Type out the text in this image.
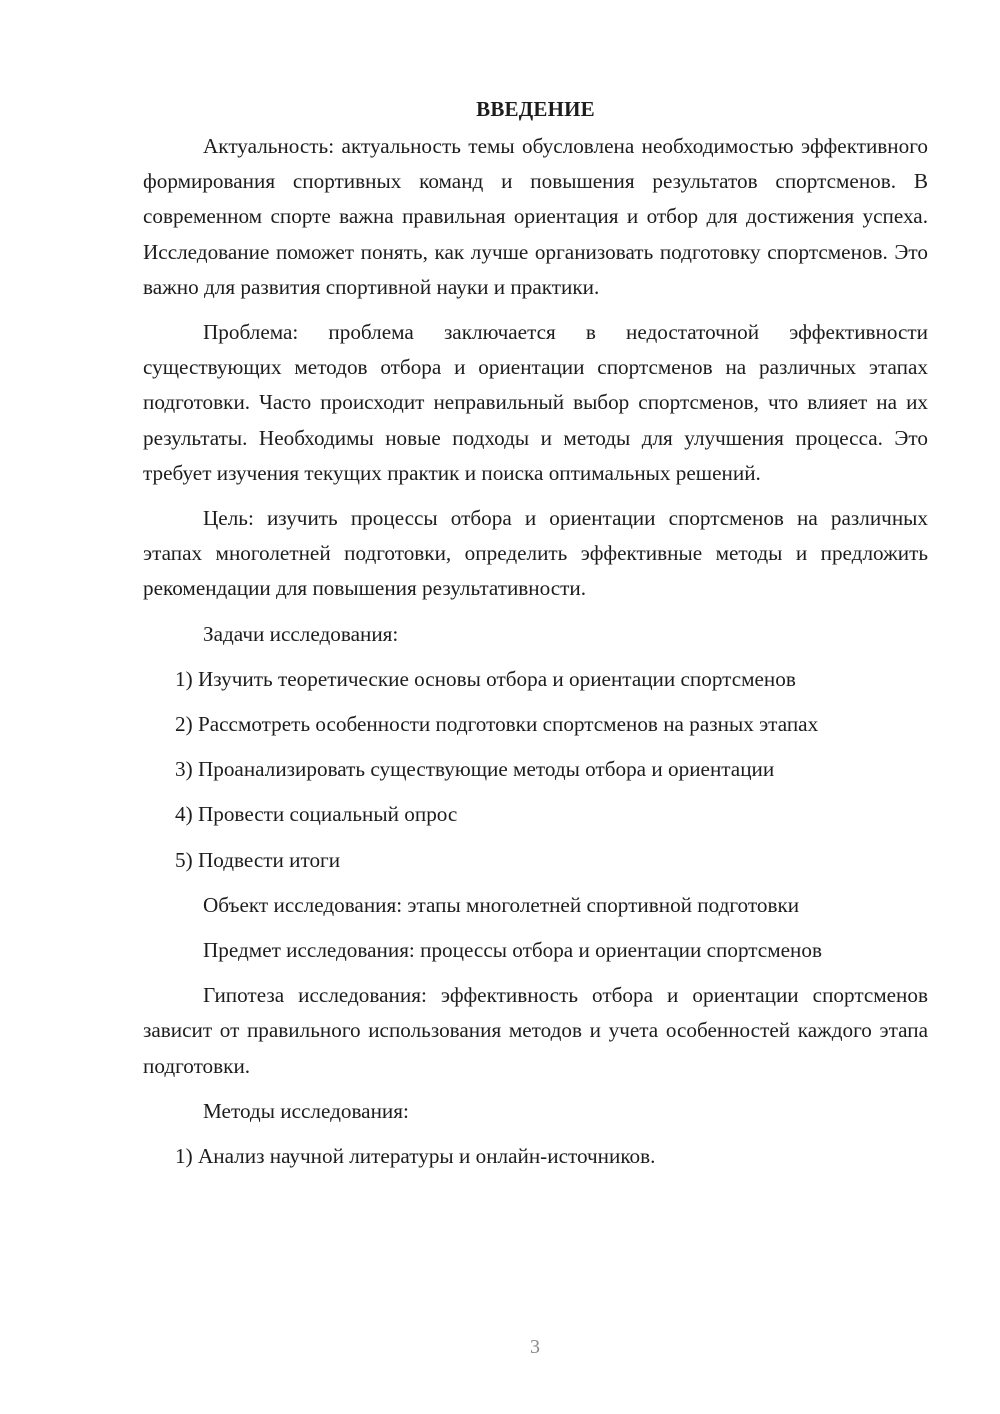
ВВЕДЕНИЕ

Актуальность: актуальность темы обусловлена необходимостью эффективного формирования спортивных команд и повышения результатов спортсменов. В современном спорте важна правильная ориентация и отбор для достижения успеха. Исследование поможет понять, как лучше организовать подготовку спортсменов. Это важно для развития спортивной науки и практики.

Проблема: проблема заключается в недостаточной эффективности существующих методов отбора и ориентации спортсменов на различных этапах подготовки. Часто происходит неправильный выбор спортсменов, что влияет на их результаты. Необходимы новые подходы и методы для улучшения процесса. Это требует изучения текущих практик и поиска оптимальных решений.

Цель: изучить процессы отбора и ориентации спортсменов на различных этапах многолетней подготовки, определить эффективные методы и предложить рекомендации для повышения результативности.

Задачи исследования:

1) Изучить теоретические основы отбора и ориентации спортсменов

2) Рассмотреть особенности подготовки спортсменов на разных этапах

3) Проанализировать существующие методы отбора и ориентации

4) Провести социальный опрос

5) Подвести итоги

Объект исследования: этапы многолетней спортивной подготовки

Предмет исследования: процессы отбора и ориентации спортсменов

Гипотеза исследования: эффективность отбора и ориентации спортсменов зависит от правильного использования методов и учета особенностей каждого этапа подготовки.

Методы исследования:

1) Анализ научной литературы и онлайн-источников.

3
